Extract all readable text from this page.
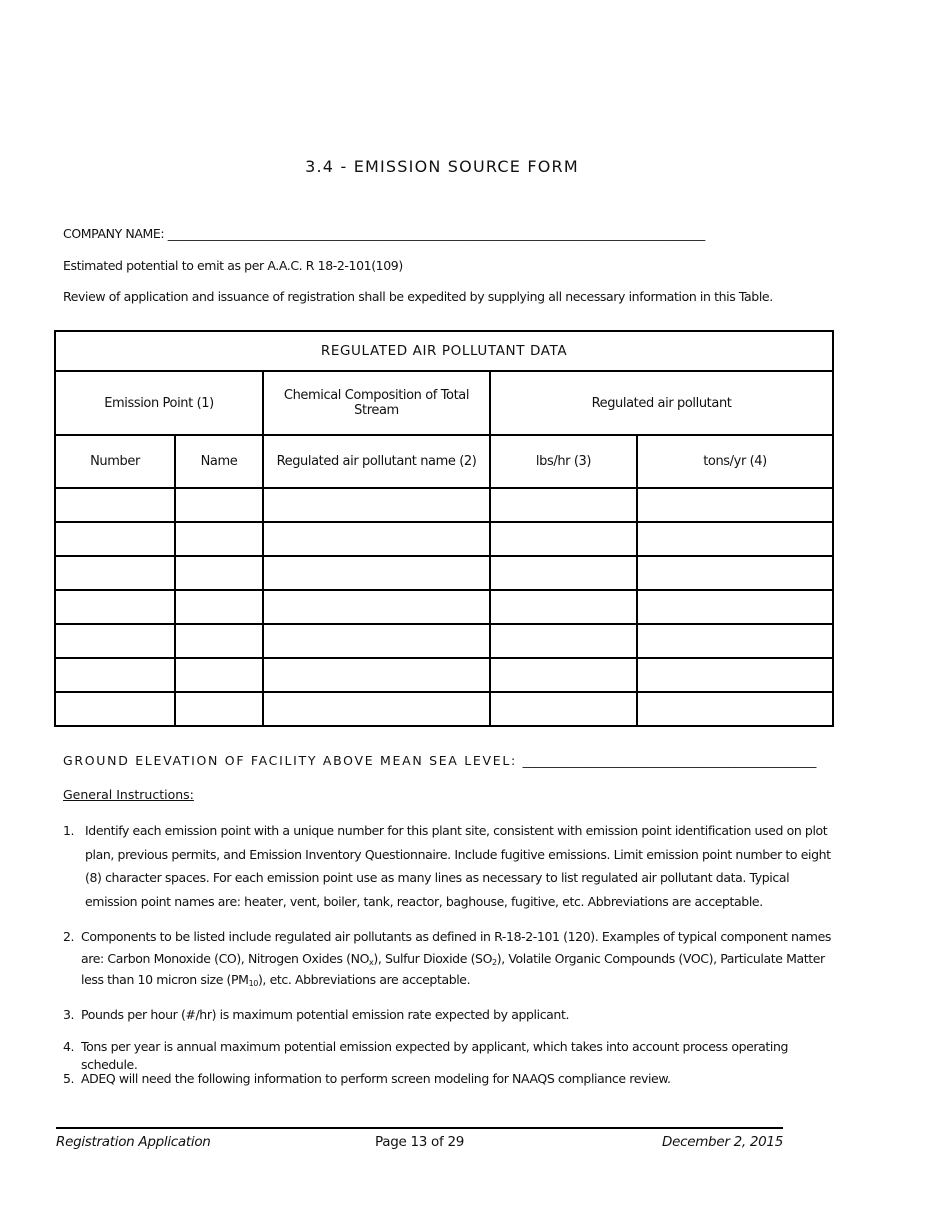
3.4 - EMISSION SOURCE FORM
COMPANY NAME: ______________________________________________________________________________________
Estimated potential to emit as per A.A.C. R 18-2-101(109)
Review of application and issuance of registration shall be expedited by supplying all necessary information in this Table.
REGULATED AIR POLLUTANT DATA				
Emission Point (1)		Chemical Composition of Total Stream	Regulated air pollutant	
Number	Name	Regulated air pollutant name (2)	lbs/hr (3)	tons/yr (4)

GROUND ELEVATION OF FACILITY ABOVE MEAN SEA LEVEL: _______________________________________________
General Instructions:
1. Identify each emission point with a unique number for this plant site, consistent with emission point identification used on plot plan, previous permits, and Emission Inventory Questionnaire. Include fugitive emissions. Limit emission point number to eight (8) character spaces. For each emission point use as many lines as necessary to list regulated air pollutant data. Typical emission point names are: heater, vent, boiler, tank, reactor, baghouse, fugitive, etc. Abbreviations are acceptable.
2. Components to be listed include regulated air pollutants as defined in R-18-2-101 (120). Examples of typical component names are: Carbon Monoxide (CO), Nitrogen Oxides $(NO_x)$, Sulfur Dioxide $(SO_2)$, Volatile Organic Compounds (VOC), Particulate Matter less than 10 micron size $(PM_{10})$, etc. Abbreviations are acceptable.
3. Pounds per hour (#/hr) is maximum potential emission rate expected by applicant.
4. Tons per year is annual maximum potential emission expected by applicant, which takes into account process operating schedule.
5. ADEQ will need the following information to perform screen modeling for NAAQS compliance review.
Registration Application	Page 13 of 29	December 2, 2015
